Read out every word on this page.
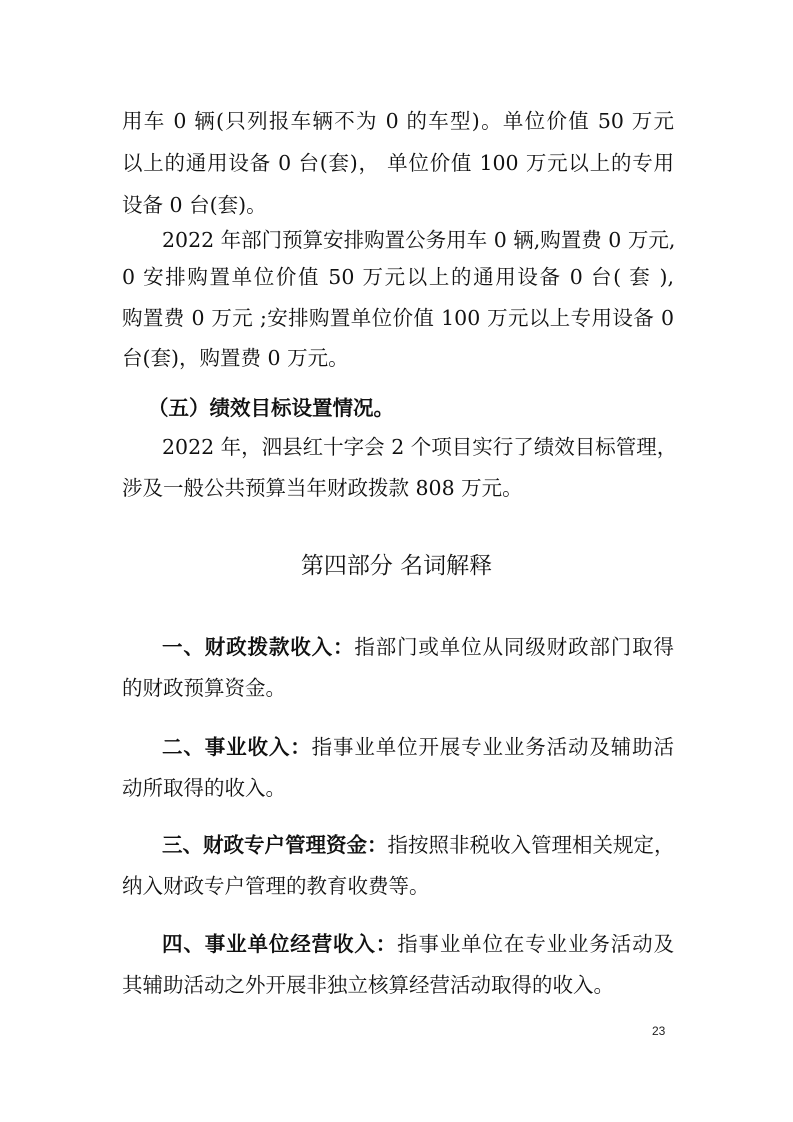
用车 0 辆(只列报车辆不为 0 的车型)。单位价值 50 万元
以上的通用设备 0 台(套)， 单位价值 100 万元以上的专用
设备 0 台(套)。
2022 年部门预算安排购置公务用车 0 辆,购置费 0 万元,
0 安排购置单位价值 50 万元以上的通用设备 0 台( 套 ),
购置费 0 万元 ;安排购置单位价值 100 万元以上专用设备 0
台(套)，购置费 0 万元。
（五）绩效目标设置情况。
2022 年，泗县红十字会 2 个项目实行了绩效目标管理，
涉及一般公共预算当年财政拨款 808 万元。
第四部分 名词解释
一、财政拨款收入：指部门或单位从同级财政部门取得
的财政预算资金。
二、事业收入：指事业单位开展专业业务活动及辅助活
动所取得的收入。
三、财政专户管理资金：指按照非税收入管理相关规定，
纳入财政专户管理的教育收费等。
四、事业单位经营收入：指事业单位在专业业务活动及
其辅助活动之外开展非独立核算经营活动取得的收入。
23
